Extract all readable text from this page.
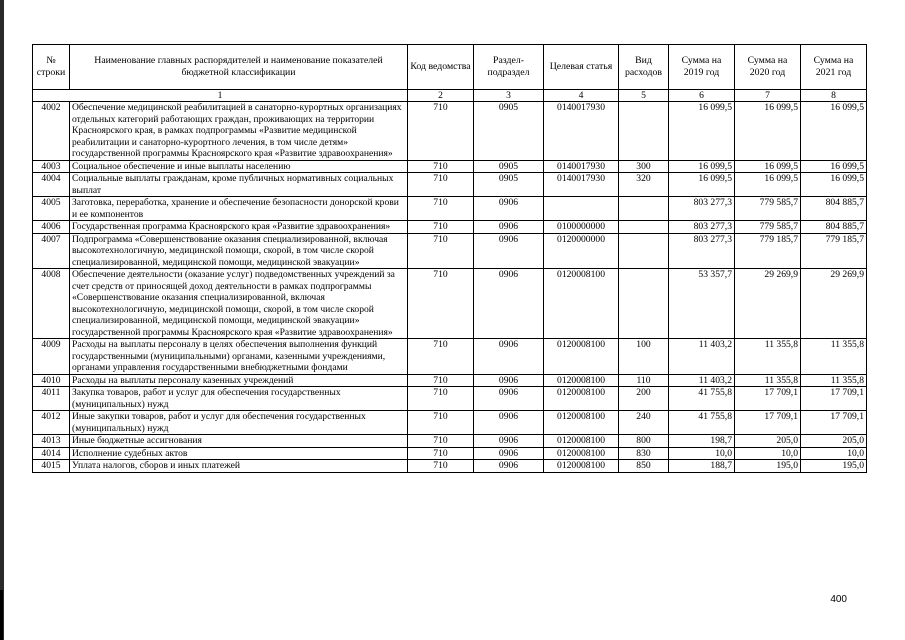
№ строки	Наименование главных распорядителей и наименование показателей бюджетной классификации	Код ведомства	Раздел-подраздел	Целевая статья	Вид расходов	Сумма на 2019 год	Сумма на 2020 год	Сумма на 2021 год
1		2	3	4	5	6	7	8
4002	Обеспечение медицинской реабилитацией в санаторно-курортных организациях отдельных категорий работающих граждан, проживающих на территории Красноярского края, в рамках подпрограммы «Развитие медицинской реабилитации и санаторно-курортного лечения, в том числе детям» государственной программы Красноярского края «Развитие здравоохранения»	710	0905	0140017930		16 099,5	16 099,5	16 099,5
4003	Социальное обеспечение и иные выплаты населению	710	0905	0140017930	300	16 099,5	16 099,5	16 099,5
4004	Социальные выплаты гражданам, кроме публичных нормативных социальных выплат	710	0905	0140017930	320	16 099,5	16 099,5	16 099,5
4005	Заготовка, переработка, хранение и обеспечение безопасности донорской крови и ее компонентов	710	0906			803 277,3	779 585,7	804 885,7
4006	Государственная программа Красноярского края «Развитие здравоохранения»	710	0906	0100000000		803 277,3	779 585,7	804 885,7
4007	Подпрограмма «Совершенствование оказания специализированной, включая высокотехнологичную, медицинской помощи, скорой, в том числе скорой специализированной, медицинской помощи, медицинской эвакуации»	710	0906	0120000000		803 277,3	779 185,7	779 185,7
4008	Обеспечение деятельности (оказание услуг) подведомственных учреждений за счет средств от приносящей доход деятельности в рамках подпрограммы «Совершенствование оказания специализированной, включая высокотехнологичную, медицинской помощи, скорой, в том числе скорой специализированной, медицинской помощи, медицинской эвакуации» государственной программы Красноярского края «Развитие здравоохранения»	710	0906	0120008100		53 357,7	29 269,9	29 269,9
4009	Расходы на выплаты персоналу в целях обеспечения выполнения функций государственными (муниципальными) органами, казенными учреждениями, органами управления государственными внебюджетными фондами	710	0906	0120008100	100	11 403,2	11 355,8	11 355,8
4010	Расходы на выплаты персоналу казенных учреждений	710	0906	0120008100	110	11 403,2	11 355,8	11 355,8
4011	Закупка товаров, работ и услуг для обеспечения государственных (муниципальных) нужд	710	0906	0120008100	200	41 755,8	17 709,1	17 709,1
4012	Иные закупки товаров, работ и услуг для обеспечения государственных (муниципальных) нужд	710	0906	0120008100	240	41 755,8	17 709,1	17 709,1
4013	Иные бюджетные ассигнования	710	0906	0120008100	800	198,7	205,0	205,0
4014	Исполнение судебных актов	710	0906	0120008100	830	10,0	10,0	10,0
4015	Уплата налогов, сборов и иных платежей	710	0906	0120008100	850	188,7	195,0	195,0
400
